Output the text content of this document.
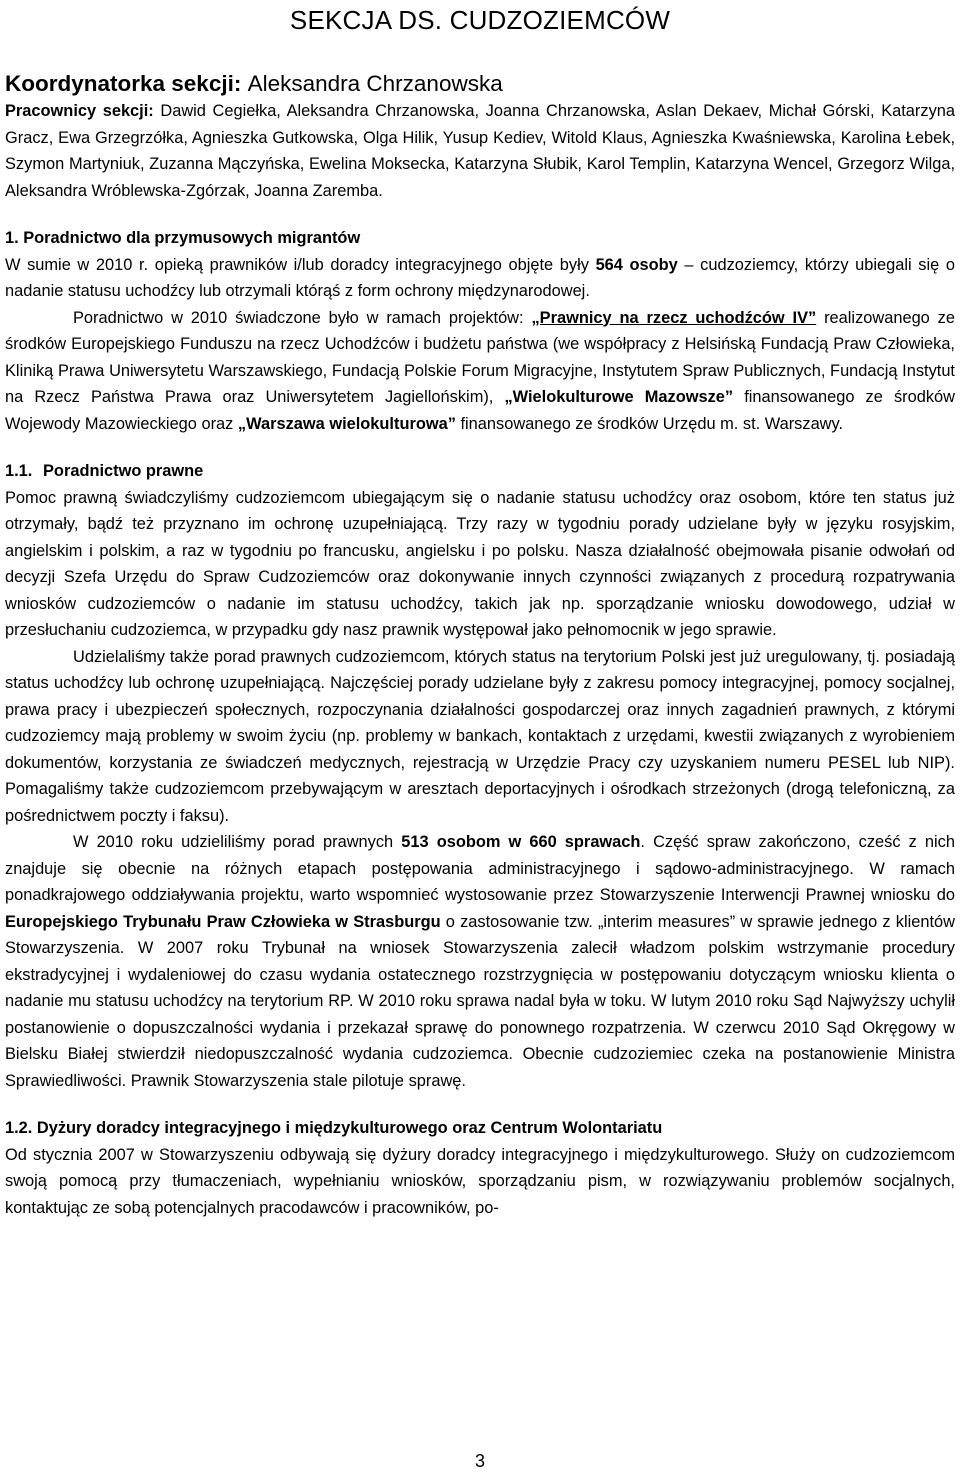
SEKCJA DS. CUDZOZIEMCÓW
Koordynatorka sekcji: Aleksandra Chrzanowska

Pracownicy sekcji: Dawid Cegiełka, Aleksandra Chrzanowska, Joanna Chrzanowska, Aslan Dekaev, Michał Górski, Katarzyna Gracz, Ewa Grzegrzółka, Agnieszka Gutkowska, Olga Hilik, Yusup Kediev, Witold Klaus, Agnieszka Kwaśniewska, Karolina Łebek, Szymon Martyniuk, Zuzanna Mączyńska, Ewelina Moksecka, Katarzyna Słubik, Karol Templin, Katarzyna Wencel, Grzegorz Wilga, Aleksandra Wróblewska-Zgórzak, Joanna Zaremba.

1. Poradnictwo dla przymusowych migrantów

W sumie w 2010 r. opieką prawników i/lub doradcy integracyjnego objęte były 564 osoby – cudzoziemcy, którzy ubiegali się o nadanie statusu uchodźcy lub otrzymali którąś z form ochrony międzynarodowej.

Poradnictwo w 2010 świadczone było w ramach projektów: „Prawnicy na rzecz uchodźców IV” realizowanego ze środków Europejskiego Funduszu na rzecz Uchodźców i budżetu państwa (we współpracy z Helsińską Fundacją Praw Człowieka, Kliniką Prawa Uniwersytetu Warszawskiego, Fundacją Polskie Forum Migracyjne, Instytutem Spraw Publicznych, Fundacją Instytut na Rzecz Państwa Prawa oraz Uniwersytetem Jagiellońskim), „Wielokulturowe Mazowsze” finansowanego ze środków Wojewody Mazowieckiego oraz „Warszawa wielokulturowa” finansowanego ze środków Urzędu m. st. Warszawy.

1.1. Poradnictwo prawne

Pomoc prawną świadczyliśmy cudzoziemcom ubiegającym się o nadanie statusu uchodźcy oraz osobom, które ten status już otrzymały, bądź też przyznano im ochronę uzupełniającą. Trzy razy w tygodniu porady udzielane były w języku rosyjskim, angielskim i polskim, a raz w tygodniu po francusku, angielsku i po polsku. Nasza działalność obejmowała pisanie odwołań od decyzji Szefa Urzędu do Spraw Cudzoziemców oraz dokonywanie innych czynności związanych z procedurą rozpatrywania wniosków cudzoziemców o nadanie im statusu uchodźcy, takich jak np. sporządzanie wniosku dowodowego, udział w przesłuchaniu cudzoziemca, w przypadku gdy nasz prawnik występował jako pełnomocnik w jego sprawie.

Udzielaliśmy także porad prawnych cudzoziemcom, których status na terytorium Polski jest już uregulowany, tj. posiadają status uchodźcy lub ochronę uzupełniającą. Najczęściej porady udzielane były z zakresu pomocy integracyjnej, pomocy socjalnej, prawa pracy i ubezpieczeń społecznych, rozpoczynania działalności gospodarczej oraz innych zagadnień prawnych, z którymi cudzoziemcy mają problemy w swoim życiu (np. problemy w bankach, kontaktach z urzędami, kwestii związanych z wyrobieniem dokumentów, korzystania ze świadczeń medycznych, rejestracją w Urzędzie Pracy czy uzyskaniem numeru PESEL lub NIP). Pomagaliśmy także cudzoziemcom przebywającym w aresztach deportacyjnych i ośrodkach strzeżonych (drogą telefoniczną, za pośrednictwem poczty i faksu).

W 2010 roku udzieliliśmy porad prawnych 513 osobom w 660 sprawach. Część spraw zakończono, cześć z nich znajduje się obecnie na różnych etapach postępowania administracyjnego i sądowo-administracyjnego. W ramach ponadkrajowego oddziaływania projektu, warto wspomnieć wystosowanie przez Stowarzyszenie Interwencji Prawnej wniosku do Europejskiego Trybunału Praw Człowieka w Strasburgu o zastosowanie tzw. „interim measures” w sprawie jednego z klientów Stowarzyszenia. W 2007 roku Trybunał na wniosek Stowarzyszenia zalecił władzom polskim wstrzymanie procedury ekstradycyjnej i wydalenioweј do czasu wydania ostatecznego rozstrzygnięcia w postępowaniu dotyczącym wniosku klienta o nadanie mu statusu uchodźcy na terytorium RP. W 2010 roku sprawa nadal była w toku. W lutym 2010 roku Sąd Najwyższy uchylił postanowienie o dopuszczalności wydania i przekazał sprawę do ponownego rozpatrzenia. W czerwcu 2010 Sąd Okręgowy w Bielsku Białej stwierdził niedopuszczalność wydania cudzoziemca. Obecnie cudzoziemiec czeka na postanowienie Ministra Sprawiedliwości. Prawnik Stowarzyszenia stale pilotuje sprawę.

1.2. Dyżury doradcy integracyjnego i międzykulturowego oraz Centrum Wolontariatu

Od stycznia 2007 w Stowarzyszeniu odbywają się dyżury doradcy integracyjnego i międzykulturowego. Służy on cudzoziemcom swoją pomocą przy tłumaczeniach, wypełnianiu wniosków, sporządzaniu pism, w rozwiązywaniu problemów socjalnych, kontaktując ze sobą potencjalnych pracodawców i pracowników, po-

3
